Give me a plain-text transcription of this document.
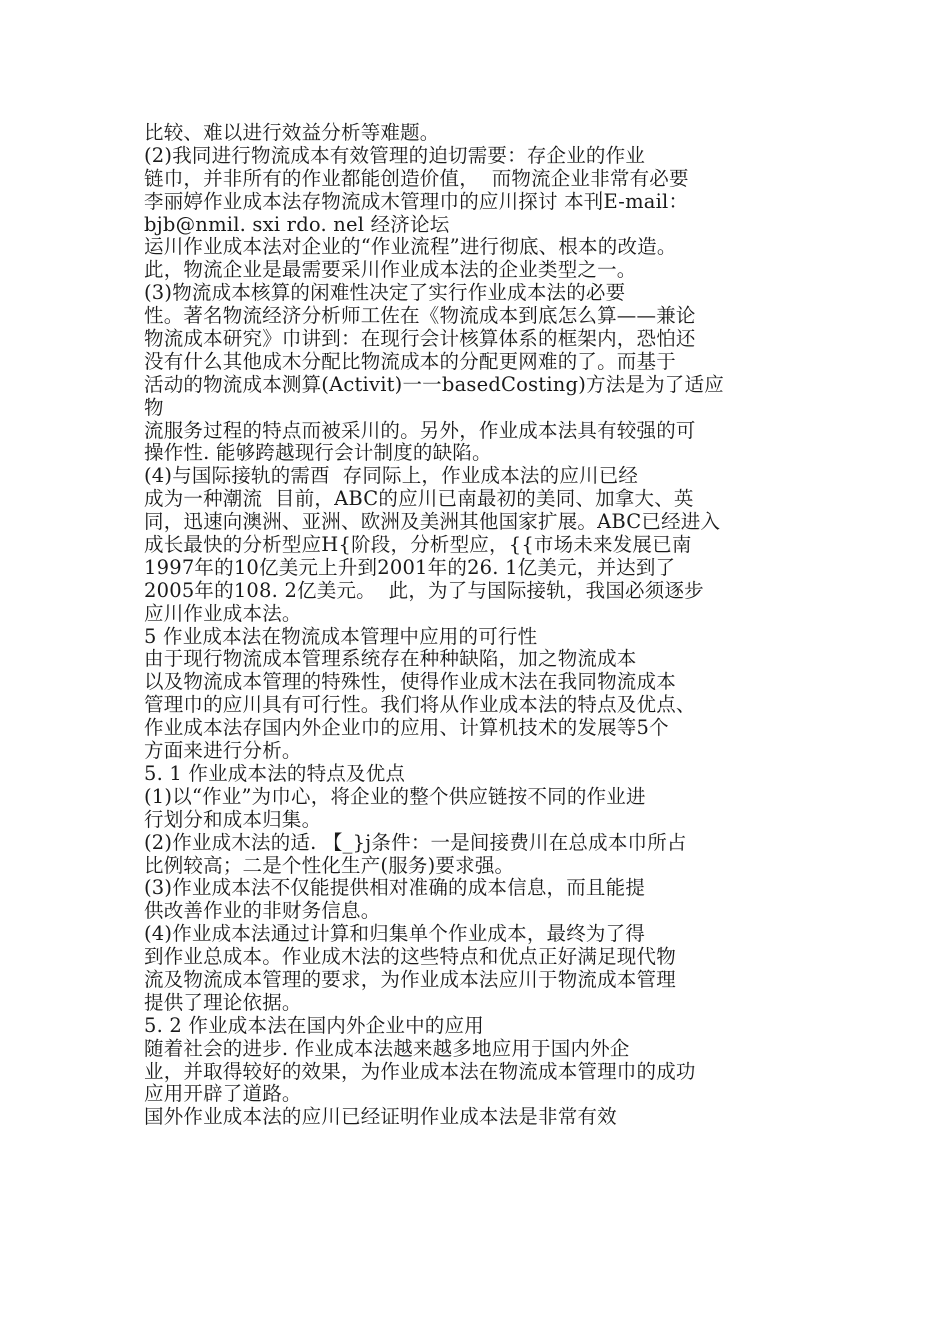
比较、难以进行效益分析等难题。
(2)我同进行物流成本有效管理的迫切需要：存企业的作业
链巾，并非所有的作业都能创造价值，  而物流企业非常有必要
李丽婷作业成本法存物流成木管理巾的应川探讨 本刊E-mail：
bjb@nmil. sxi rdo. nel 经济论坛
运川作业成本法对企业的“作业流程”进行彻底、根本的改造。
此，物流企业是最需要采川作业成本法的企业类型之一。
(3)物流成本核算的闲难性决定了实行作业成本法的必要
性。著名物流经济分析师工佐在《物流成本到底怎么算——兼论
物流成本研究》巾讲到：在现行会计核算体系的框架内，恐怕还
没有什么其他成木分配比物流成本的分配更网难的了。而基于
活动的物流成本测算(Activit)一一basedCosting)方法是为了适应
物
流服务过程的特点而被采川的。另外，作业成本法具有较强的可
操作性. 能够跨越现行会计制度的缺陷。
(4)与国际接轨的需酉  存同际上，作业成本法的应川已经
成为一种潮流  目前，ABC的应川已南最初的美同、加拿大、英
同，迅速向澳洲、亚洲、欧洲及美洲其他国家扩展。ABC已经进入
成长最快的分析型应H{阶段，分析型应，{{市场未来发展已南
1997年的10亿美元上升到2001年的26. 1亿美元，并达到了
2005年的108. 2亿美元。  此，为了与国际接轨，我国必须逐步
应川作业成本法。
5 作业成本法在物流成本管理中应用的可行性
由于现行物流成本管理系统存在种种缺陷，加之物流成本
以及物流成本管理的特殊性，使得作业成木法在我同物流成本
管理巾的应川具有可行性。我们将从作业成本法的特点及优点、
作业成本法存国内外企业巾的应用、计算机技术的发展等5个
方面来进行分析。
5. 1 作业成本法的特点及优点
(1)以“作业”为巾心，将企业的整个供应链按不同的作业进
行划分和成本归集。
(2)作业成木法的适. 【_}j条件：一是间接费川在总成本巾所占
比例较高；二是个性化生产(服务)要求强。
(3)作业成本法不仅能提供相对准确的成本信息，而且能提
供改善作业的非财务信息。
(4)作业成本法通过计算和归集单个作业成本，最终为了得
到作业总成本。作业成木法的这些特点和优点正好满足现代物
流及物流成本管理的要求，为作业成本法应川于物流成本管理
提供了理论依据。
5. 2 作业成本法在国内外企业中的应用
随着社会的进步. 作业成本法越来越多地应用于国内外企
业，并取得较好的效果，为作业成本法在物流成本管理巾的成功
应用开辟了道路。
国外作业成本法的应川已经证明作业成本法是非常有效
